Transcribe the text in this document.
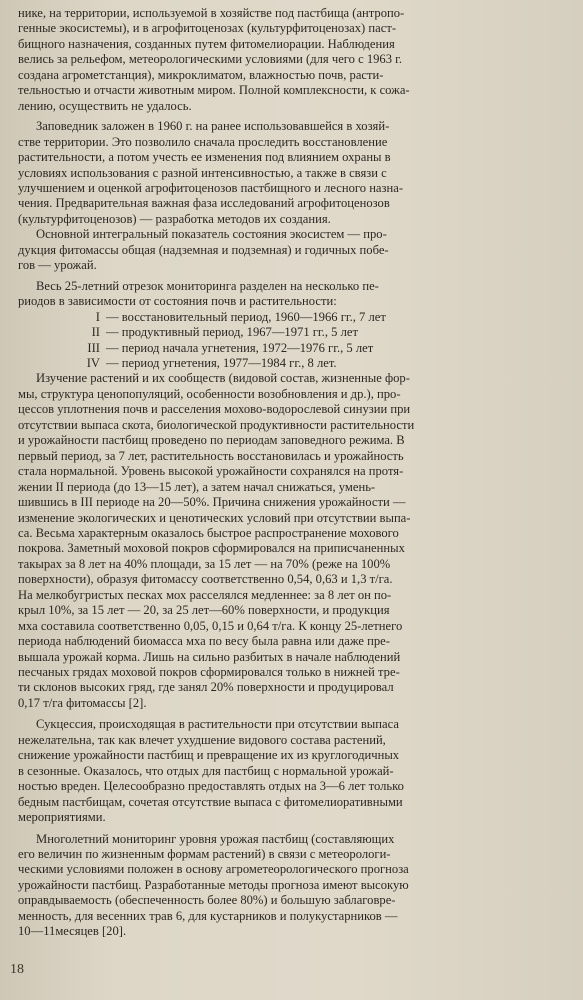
нике, на территории, используемой в хозяйстве под пастбища (антропо-
генные экосистемы), и в агрофитоценозах (культурфитоценозах) паст-
бищного назначения, созданных путем фитомелиорации. Наблюдения
велись за рельефом, метеорологическими условиями (для чего с 1963 г.
создана агрометстанция), микроклиматом, влажностью почв, расти-
тельностью и отчасти животным миром. Полной комплексности, к сожа-
лению, осуществить не удалось.
Заповедник заложен в 1960 г. на ранее использовавшейся в хозяй-
стве территории. Это позволило сначала проследить восстановление
растительности, а потом учесть ее изменения под влиянием охраны в
условиях использования с разной интенсивностью, а также в связи с
улучшением и оценкой агрофитоценозов пастбищного и лесного назна-
чения. Предварительная важная фаза исследований агрофитоценозов
(культурфитоценозов) — разработка методов их создания.
Основной интегральный показатель состояния экосистем — про-
дукция фитомассы общая (надземная и подземная) и годичных побе-
гов — урожай.
Весь 25-летний отрезок мониторинга разделен на несколько пе-
риодов в зависимости от состояния почв и растительности:
I — восстановительный период, 1960—1966 гг., 7 лет
II — продуктивный период, 1967—1971 гг., 5 лет
III — период начала угнетения, 1972—1976 гг., 5 лет
IV — период угнетения, 1977—1984 гг., 8 лет.
Изучение растений и их сообществ (видовой состав, жизненные фор-
мы, структура ценопопуляций, особенности возобновления и др.), про-
цессов уплотнения почв и расселения мохово-водорослевой синузии при
отсутствии выпаса скота, биологической продуктивности растительности
и урожайности пастбищ проведено по периодам заповедного режима. В
первый период, за 7 лет, растительность восстановилась и урожайность
стала нормальной. Уровень высокой урожайности сохранялся на протя-
жении II периода (до 13—15 лет), а затем начал снижаться, умень-
шившись в III периоде на 20—50%. Причина снижения урожайности —
изменение экологических и ценотических условий при отсутствии выпа-
са. Весьма характерным оказалось быстрое распространение мохового
покрова. Заметный моховой покров сформировался на приписчаненных
такырах за 8 лет на 40% площади, за 15 лет — на 70% (реже на 100%
поверхности), образуя фитомассу соответственно 0,54, 0,63 и 1,3 т/га.
На мелкобугристых песках мох расселялся медленнее: за 8 лет он по-
крыл 10%, за 15 лет — 20, за 25 лет—60% поверхности, и продукция
мха составила соответственно 0,05, 0,15 и 0,64 т/га. К концу 25-летнего
периода наблюдений биомасса мха по весу была равна или даже пре-
вышала урожай корма. Лишь на сильно разбитых в начале наблюдений
песчаных грядах моховой покров сформировался только в нижней тре-
ти склонов высоких гряд, где занял 20% поверхности и продуцировал
0,17 т/га фитомассы [2].
Сукцессия, происходящая в растительности при отсутствии выпаса
нежелательна, так как влечет ухудшение видового состава растений,
снижение урожайности пастбищ и превращение их из круглогодичных
в сезонные. Оказалось, что отдых для пастбищ с нормальной урожай-
ностью вреден. Целесообразно предоставлять отдых на 3—6 лет только
бедным пастбищам, сочетая отсутствие выпаса с фитомелиоративными
мероприятиями.
Многолетний мониторинг уровня урожая пастбищ (составляющих
его величин по жизненным формам растений) в связи с метеорологи-
ческими условиями положен в основу агрометеорологического прогноза
урожайности пастбищ. Разработанные методы прогноза имеют высокую
оправдываемость (обеспеченность более 80%) и большую заблаговре-
менность, для весенних трав 6, для кустарников и полукустарников —
10—11месяцев [20].
18
